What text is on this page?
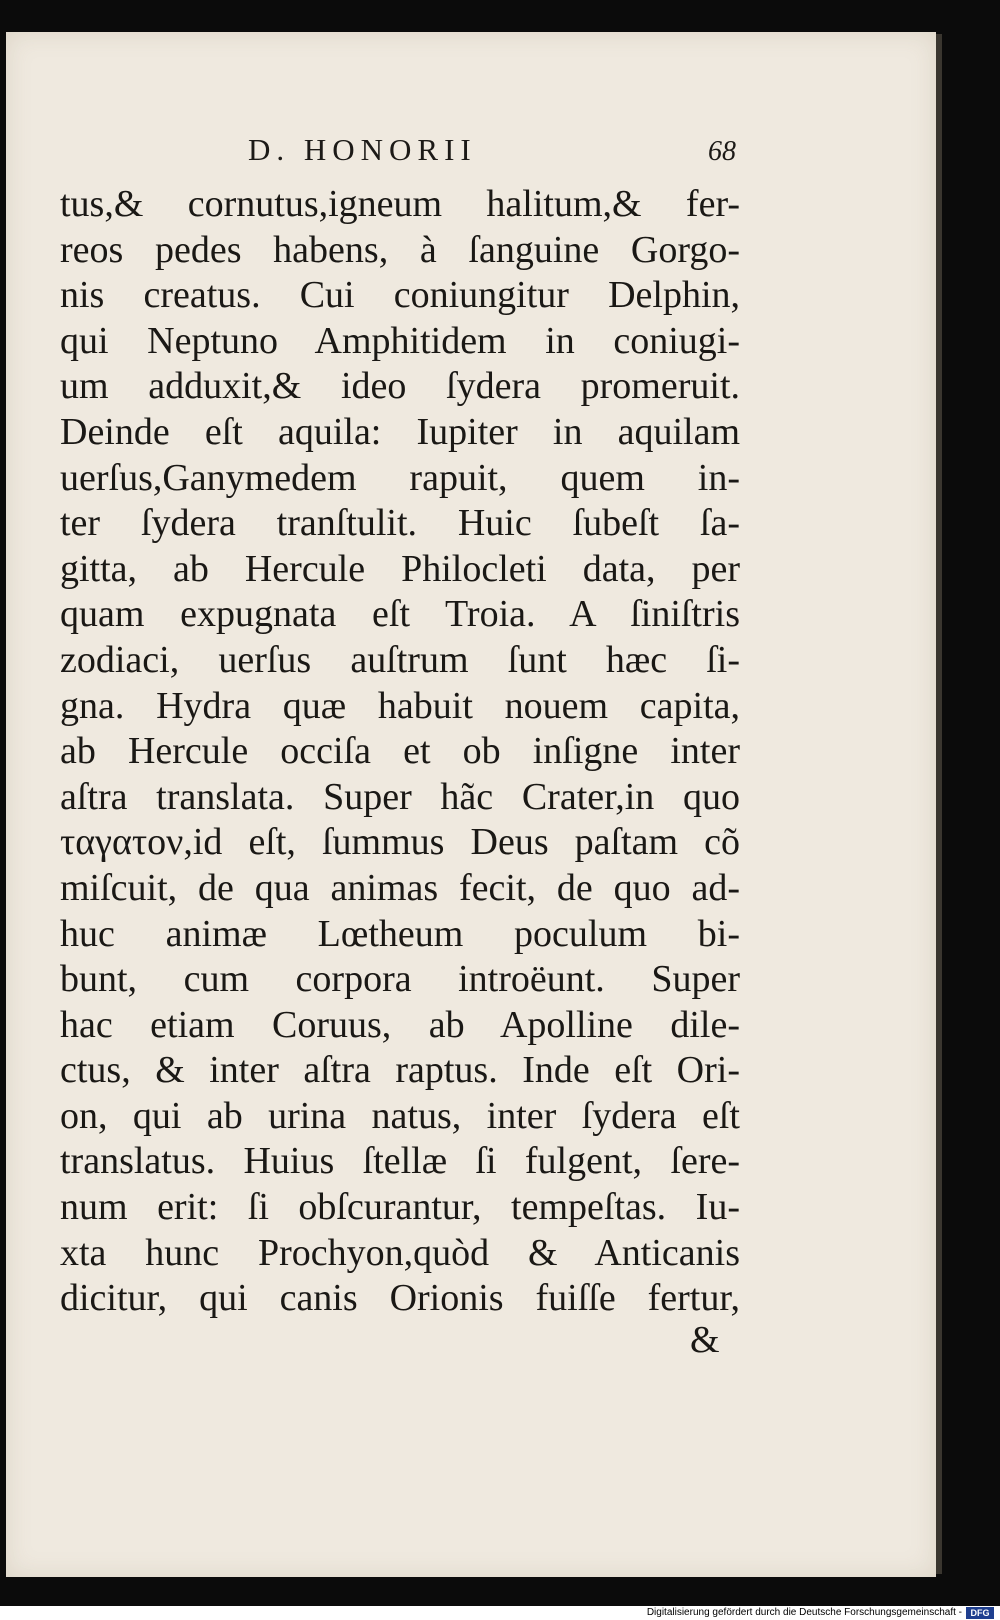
D. HONORII	68
tus,& cornutus,igneum halitum,& fer-
reos pedes habens, à ſanguine Gorgo-
nis creatus. Cui coniungitur Delphin,
qui Neptuno Amphitidem in coniugi-
um adduxit,& ideo ſydera promeruit.
Deinde eſt aquila: Iupiter in aquilam
uerſus,Ganymedem rapuit, quem in-
ter ſydera tranſtulit. Huic ſubeſt ſa-
gitta, ab Hercule Philocleti data, per
quam expugnata eſt Troia. A ſiniſtris
zodiaci, uerſus auſtrum ſunt hæc ſi-
gna. Hydra quæ habuit nouem capita,
ab Hercule occiſa et ob inſigne inter
aſtra translata. Super hãc Crater,in quo
ταγατον,id eſt, ſummus Deus paſtam cõ
miſcuit, de qua animas fecit, de quo ad-
huc animæ Lœtheum poculum bi-
bunt, cum corpora introëunt. Super
hac etiam Coruus, ab Apolline dile-
ctus, & inter aſtra raptus. Inde eſt Ori-
on, qui ab urina natus, inter ſydera eſt
translatus. Huius ſtellæ ſi fulgent, ſere-
num erit: ſi obſcurantur, tempeſtas. Iu-
xta hunc Prochyon,quòd & Anticanis
dicitur, qui canis Orionis fuiſſe fertur,
&
Digitalisierung gefördert durch die Deutsche Forschungsgemeinschaft - DFG
